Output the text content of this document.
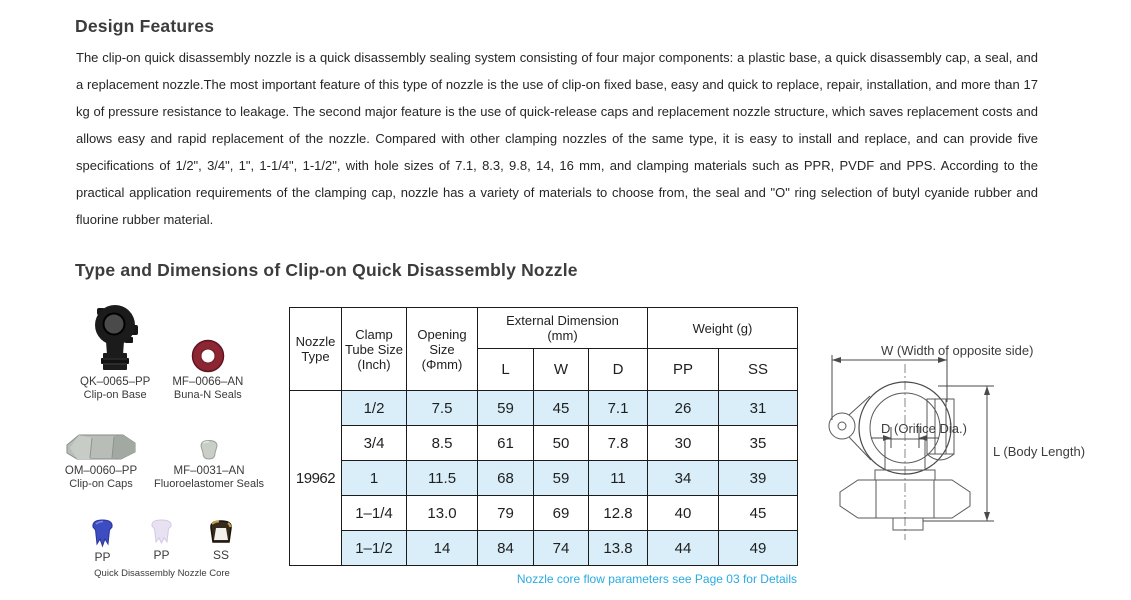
Design Features
The clip-on quick disassembly nozzle is a quick disassembly sealing system consisting of four major components: a plastic base, a quick disassembly cap, a seal, and a replacement nozzle.The most important feature of this type of nozzle is the use of clip-on fixed base, easy and quick to replace, repair, installation, and more than 17 kg of pressure resistance to leakage. The second major feature is the use of quick-release caps and replacement nozzle structure, which saves replacement costs and allows easy and rapid replacement of the nozzle. Compared with other clamping nozzles of the same type, it is easy to install and replace, and can provide five specifications of 1/2", 3/4", 1", 1-1/4", 1-1/2", with hole sizes of 7.1, 8.3, 9.8, 14, 16 mm, and clamping materials such as PPR, PVDF and PPS. According to the practical application requirements of the clamping cap, nozzle has a variety of materials to choose from, the seal and "O" ring selection of butyl cyanide rubber and fluorine rubber material.
Type and Dimensions of Clip-on Quick Disassembly Nozzle
QK–0065–PP
Clip-on Base
MF–0066–AN
Buna-N Seals
OM–0060–PP
Clip-on Caps
MF–0031–AN
Fluoroelastomer Seals
PP	PP	SS
Quick Disassembly Nozzle Core
Nozzle Type	Clamp Tube Size (Inch)	Opening Size (Φmm)	External Dimension
(mm)			Weight (g)	
			L	W	D	PP	SS
19962	1/2	7.5	59	45	7.1	26	31
	3/4	8.5	61	50	7.8	30	35
	1	11.5	68	59	11	34	39
	1–1/4	13.0	79	69	12.8	40	45
	1–1/2	14	84	74	13.8	44	49
Nozzle core flow parameters see Page 03 for Details
W (Width of opposite side)
D (Orifice Dia.)
L (Body Length)
